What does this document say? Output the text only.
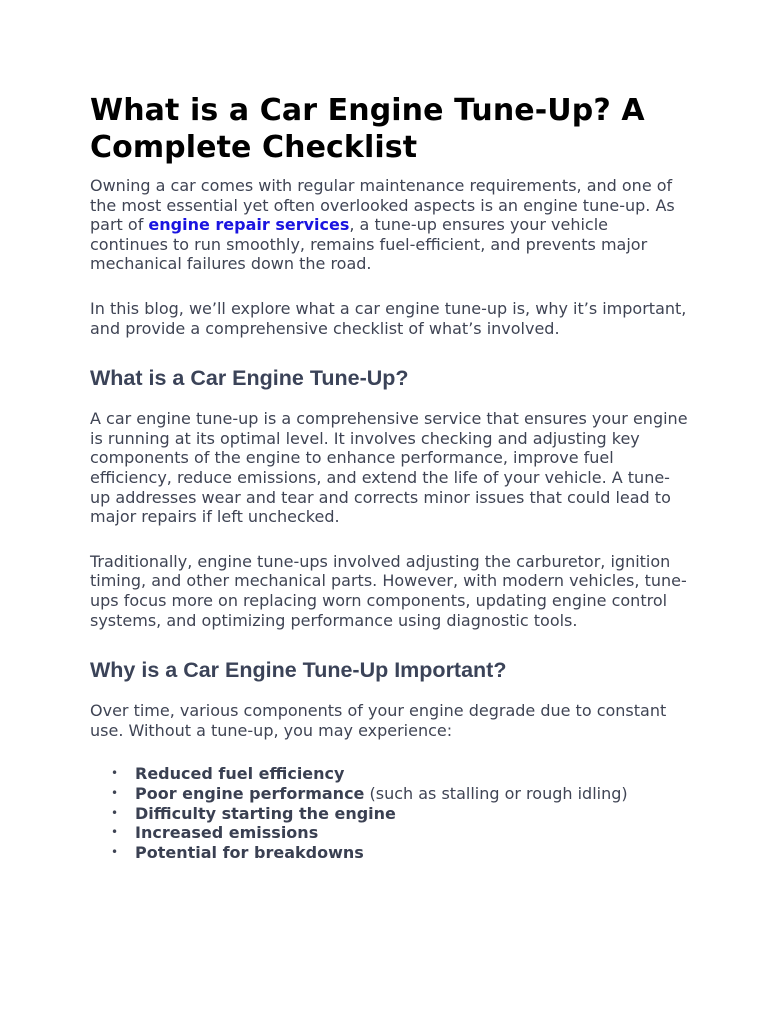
What is a Car Engine Tune-Up? A Complete Checklist

Owning a car comes with regular maintenance requirements, and one of the most essential yet often overlooked aspects is an engine tune-up. As part of engine repair services, a tune-up ensures your vehicle continues to run smoothly, remains fuel-efficient, and prevents major mechanical failures down the road.

In this blog, we’ll explore what a car engine tune-up is, why it’s important, and provide a comprehensive checklist of what’s involved.

What is a Car Engine Tune-Up?

A car engine tune-up is a comprehensive service that ensures your engine is running at its optimal level. It involves checking and adjusting key components of the engine to enhance performance, improve fuel efficiency, reduce emissions, and extend the life of your vehicle. A tune-up addresses wear and tear and corrects minor issues that could lead to major repairs if left unchecked.

Traditionally, engine tune-ups involved adjusting the carburetor, ignition timing, and other mechanical parts. However, with modern vehicles, tune-ups focus more on replacing worn components, updating engine control systems, and optimizing performance using diagnostic tools.

Why is a Car Engine Tune-Up Important?

Over time, various components of your engine degrade due to constant use. Without a tune-up, you may experience:

• Reduced fuel efficiency
• Poor engine performance (such as stalling or rough idling)
• Difficulty starting the engine
• Increased emissions
• Potential for breakdowns
